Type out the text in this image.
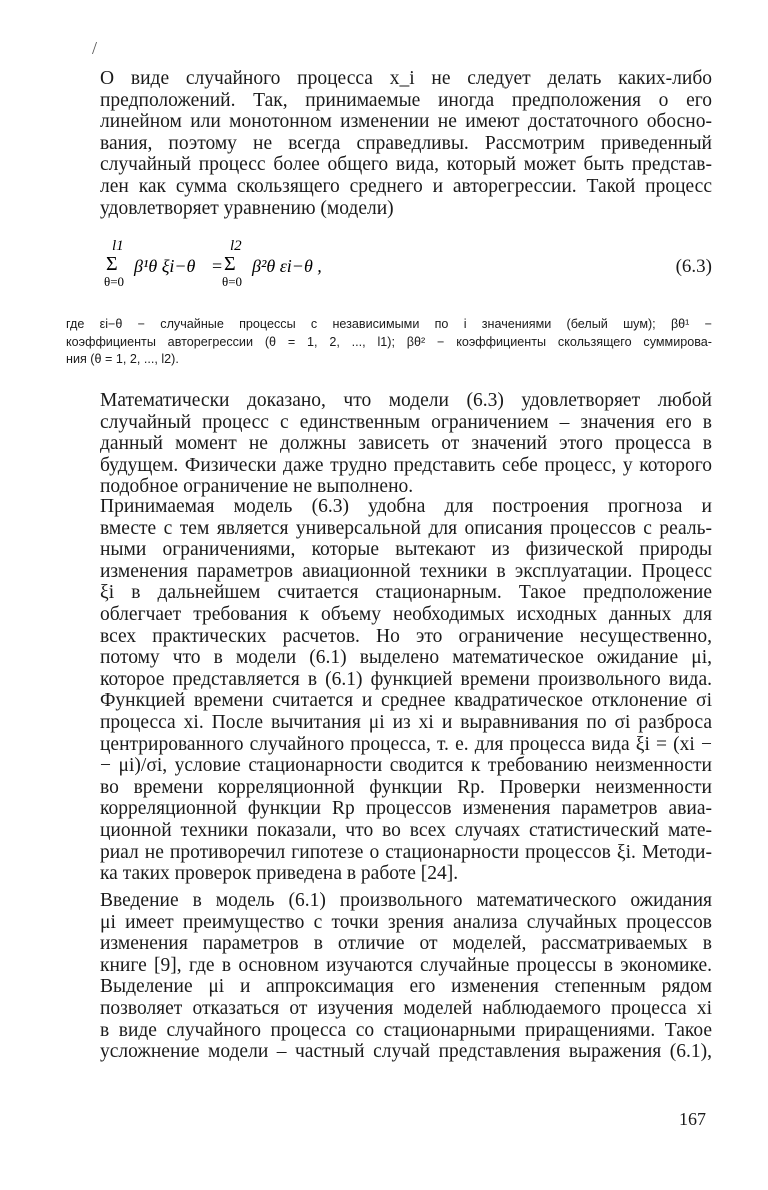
/

О виде случайного процесса x_i не следует делать каких-либо
предположений. Так, принимаемые иногда предположения о его
линейном или монотонном изменении не имеют достаточного обосно-
вания, поэтому не всегда справедливы. Рассмотрим приведенный
случайный процесс более общего вида, который может быть представ-
лен как сумма скользящего среднего и авторегрессии. Такой процесс
удовлетворяет уравнению (модели)

l1
Σ
θ=0
β¹θ ξi−θ =
l2
Σ
θ=0
β²θ εi−θ ,	(6.3)

где εi−θ − случайные процессы с независимыми по i значениями (белый шум); βθ¹ −
коэффициенты авторегрессии (θ = 1, 2, ..., l1); βθ² − коэффициенты скользящего суммирова-
ния (θ = 1, 2, ..., l2).

Математически доказано, что модели (6.3) удовлетворяет любой
случайный процесс с единственным ограничением – значения его в
данный момент не должны зависеть от значений этого процесса в
будущем. Физически даже трудно представить себе процесс, у которого
подобное ограничение не выполнено.

Принимаемая модель (6.3) удобна для построения прогноза и
вместе с тем является универсальной для описания процессов с реаль-
ными ограничениями, которые вытекают из физической природы
изменения параметров авиационной техники в эксплуатации. Процесс
ξi в дальнейшем считается стационарным. Такое предположение
облегчает требования к объему необходимых исходных данных для
всех практических расчетов. Но это ограничение несущественно,
потому что в модели (6.1) выделено математическое ожидание μi,
которое представляется в (6.1) функцией времени произвольного вида.
Функцией времени считается и среднее квадратическое отклонение σi
процесса xi. После вычитания μi из xi и выравнивания по σi разброса
центрированного случайного процесса, т. е. для процесса вида ξi = (xi −
− μi)/σi, условие стационарности сводится к требованию неизменности
во времени корреляционной функции Rp. Проверки неизменности
корреляционной функции Rp процессов изменения параметров авиа-
ционной техники показали, что во всех случаях статистический мате-
риал не противоречил гипотезе о стационарности процессов ξi. Методи-
ка таких проверок приведена в работе [24].

Введение в модель (6.1) произвольного математического ожидания
μi имеет преимущество с точки зрения анализа случайных процессов
изменения параметров в отличие от моделей, рассматриваемых в
книге [9], где в основном изучаются случайные процессы в экономике.
Выделение μi и аппроксимация его изменения степенным рядом
позволяет отказаться от изучения моделей наблюдаемого процесса xi
в виде случайного процесса со стационарными приращениями. Такое
усложнение модели – частный случай представления выражения (6.1),

167
